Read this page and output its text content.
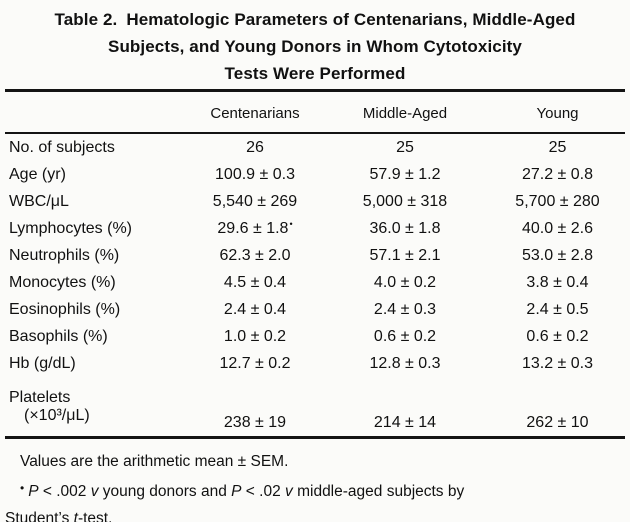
Table 2. Hematologic Parameters of Centenarians, Middle-Aged
Subjects, and Young Donors in Whom Cytotoxicity
Tests Were Performed
	Centenarians	Middle-Aged	Young
No. of subjects	26	25	25
Age (yr)	100.9 ± 0.3	57.9 ± 1.2	27.2 ± 0.8
WBC/μL	5,540 ± 269	5,000 ± 318	5,700 ± 280
Lymphocytes (%)	29.6 ± 1.8•	36.0 ± 1.8	40.0 ± 2.6
Neutrophils (%)	62.3 ± 2.0	57.1 ± 2.1	53.0 ± 2.8
Monocytes (%)	4.5 ± 0.4	4.0 ± 0.2	3.8 ± 0.4
Eosinophils (%)	2.4 ± 0.4	2.4 ± 0.3	2.4 ± 0.5
Basophils (%)	1.0 ± 0.2	0.6 ± 0.2	0.6 ± 0.2
Hb (g/dL)	12.7 ± 0.2	12.8 ± 0.3	13.2 ± 0.3

Platelets
(×10³/μL)	238 ± 19	214 ± 14	262 ± 10

Values are the arithmetic mean ± SEM.

• P < .002 v young donors and P < .02 v middle-aged subjects by
Student’s t-test.
